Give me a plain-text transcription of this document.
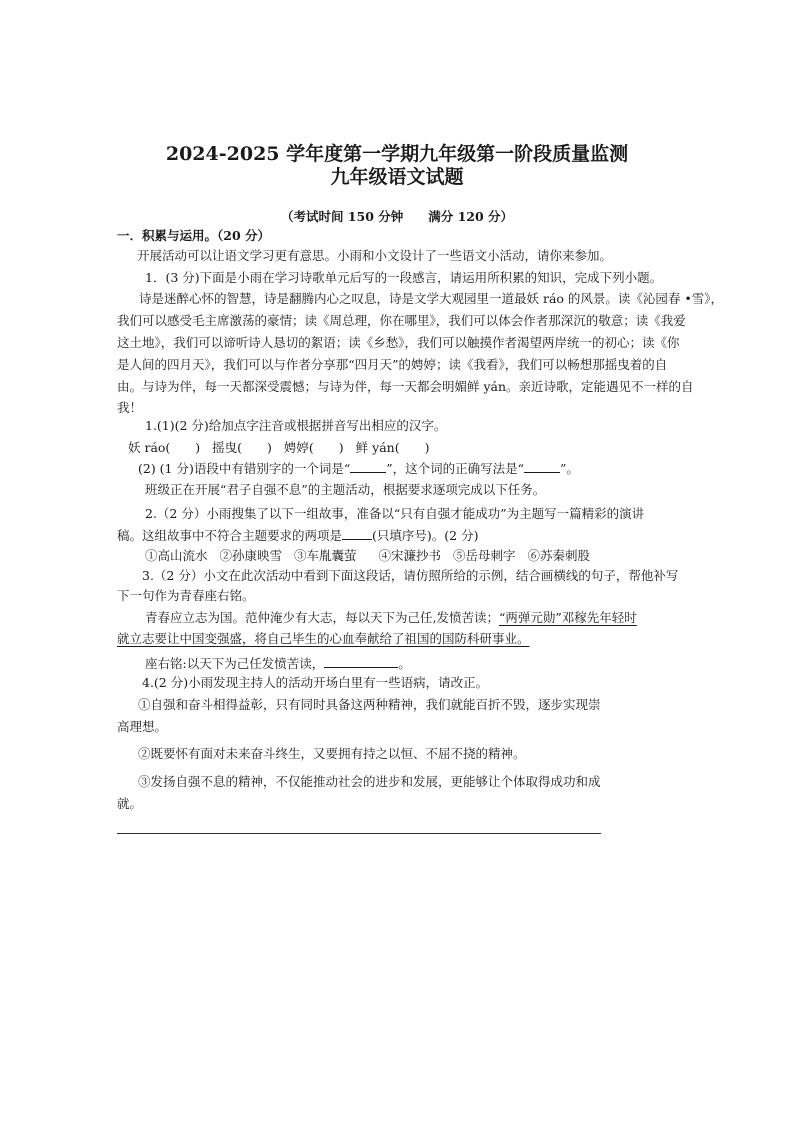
2024-2025 学年度第一学期九年级第一阶段质量监测
九年级语文试题
（考试时间 150 分钟　　满分 120 分）
一．积累与运用。（20 分）
开展活动可以让语文学习更有意思。小雨和小文设计了一些语文小活动，请你来参加。
1．(3 分)下面是小雨在学习诗歌单元后写的一段感言，请运用所积累的知识，完成下列小题。
诗是迷醉心怀的智慧，诗是翻腾内心之叹息，诗是文学大观园里一道最妖 ráo 的风景。读《沁园春 •雪》，
我们可以感受毛主席激荡的豪情；读《周总理，你在哪里》，我们可以体会作者那深沉的敬意；读《我爱
这土地》，我们可以谛听诗人恳切的絮语；读《乡愁》，我们可以触摸作者渴望两岸统一的初心；读《你
是人间的四月天》，我们可以与作者分享那“四月天”的娉婷；读《我看》，我们可以畅想那摇曳着的自
由。与诗为伴，每一天都深受震憾；与诗为伴，每一天都会明媚鲜 yán。亲近诗歌，定能遇见不一样的自
我！
1.(1)(2 分)给加点字注音或根据拼音写出相应的汉字。
妖 ráo(　　) 摇曳(　　) 娉婷(　　) 鲜 yán(　　)
(2) (1 分)语段中有错别字的一个词是“	”，这个词的正确写法是“	”。
班级正在开展“君子自强不息”的主题活动，根据要求逐项完成以下任务。
2.（2 分）小雨搜集了以下一组故事，准备以“只有自强才能成功”为主题写一篇精彩的演讲
稿。这组故事中不符合主题要求的两项是 (只填序号)。(2 分)
①高山流水 ②孙康映雪 ③车胤囊萤 ④宋濂抄书 ⑤岳母刺字 ⑥苏秦刺股
3.（2 分）小文在此次活动中看到下面这段话，请仿照所给的示例，结合画横线的句子，帮他补写
下一句作为青春座右铭。
青春应立志为国。范仲淹少有大志，每以天下为己任,发愤苦读；“两弹元勋”邓稼先年轻时
就立志要让中国变强盛，将自己毕生的心血奉献给了祖国的国防科研事业。
座右铭:以天下为己任发愤苦读，	。
4.(2 分)小雨发现主持人的活动开场白里有一些语病，请改正。
①自强和奋斗相得益彰，只有同时具备这两种精神，我们就能百折不毁，逐步实现崇
高理想。
②既要怀有面对未来奋斗终生，又要拥有持之以恒、不屈不挠的精神。
③发扬自强不息的精神，不仅能推动社会的进步和发展，更能够让个体取得成功和成
就。
